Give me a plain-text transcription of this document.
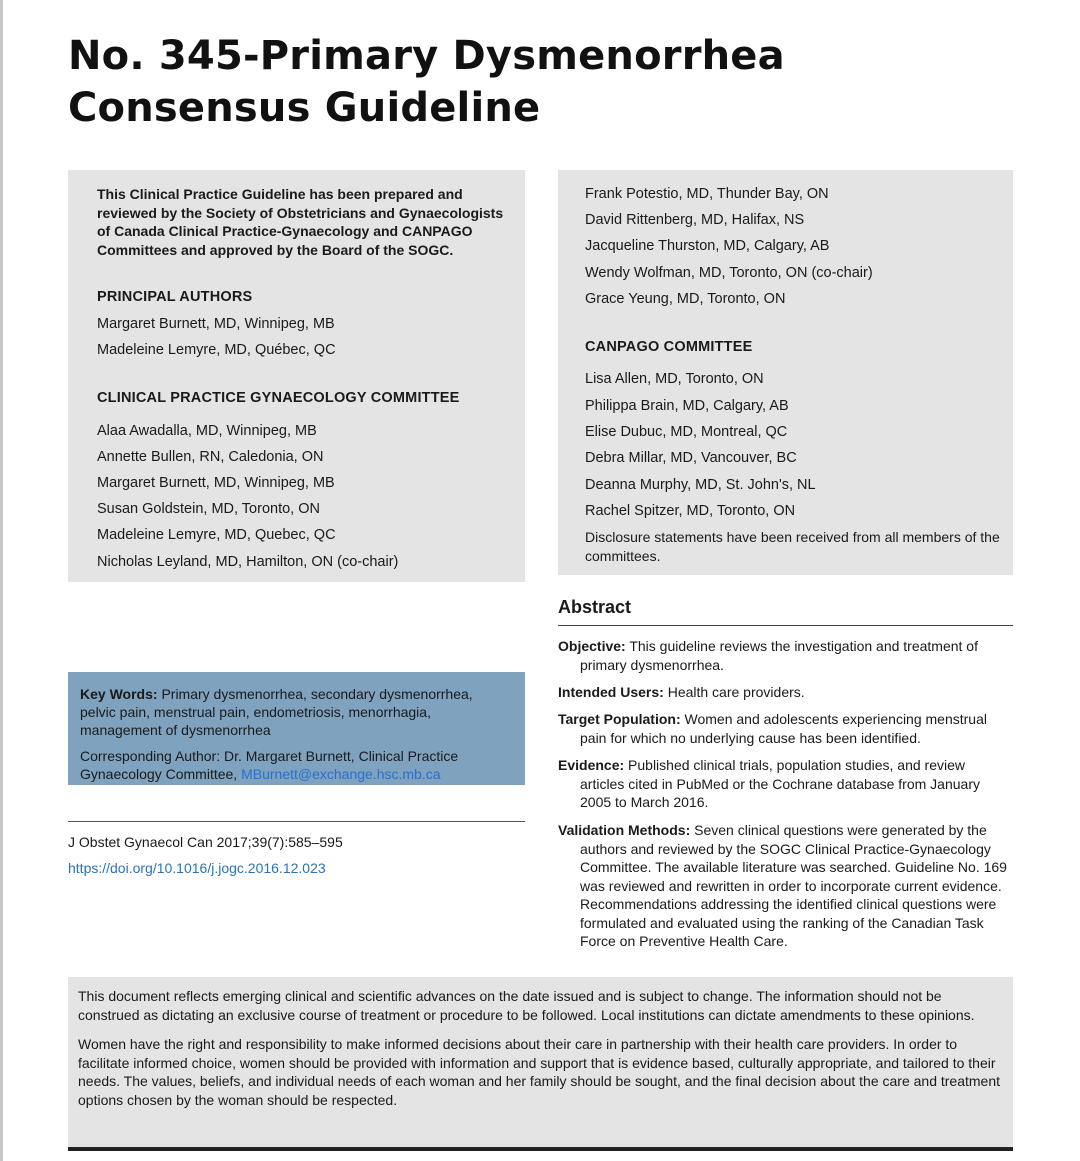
No. 345-Primary Dysmenorrhea Consensus Guideline
This Clinical Practice Guideline has been prepared and reviewed by the Society of Obstetricians and Gynaecologists of Canada Clinical Practice-Gynaecology and CANPAGO Committees and approved by the Board of the SOGC.
PRINCIPAL AUTHORS
Margaret Burnett, MD, Winnipeg, MB
Madeleine Lemyre, MD, Québec, QC
CLINICAL PRACTICE GYNAECOLOGY COMMITTEE
Alaa Awadalla, MD, Winnipeg, MB
Annette Bullen, RN, Caledonia, ON
Margaret Burnett, MD, Winnipeg, MB
Susan Goldstein, MD, Toronto, ON
Madeleine Lemyre, MD, Quebec, QC
Nicholas Leyland, MD, Hamilton, ON (co-chair)
Frank Potestio, MD, Thunder Bay, ON
David Rittenberg, MD, Halifax, NS
Jacqueline Thurston, MD, Calgary, AB
Wendy Wolfman, MD, Toronto, ON (co-chair)
Grace Yeung, MD, Toronto, ON
CANPAGO COMMITTEE
Lisa Allen, MD, Toronto, ON
Philippa Brain, MD, Calgary, AB
Elise Dubuc, MD, Montreal, QC
Debra Millar, MD, Vancouver, BC
Deanna Murphy, MD, St. John's, NL
Rachel Spitzer, MD, Toronto, ON
Disclosure statements have been received from all members of the committees.
Abstract
Objective: This guideline reviews the investigation and treatment of primary dysmenorrhea.
Intended Users: Health care providers.
Target Population: Women and adolescents experiencing menstrual pain for which no underlying cause has been identified.
Evidence: Published clinical trials, population studies, and review articles cited in PubMed or the Cochrane database from January 2005 to March 2016.
Validation Methods: Seven clinical questions were generated by the authors and reviewed by the SOGC Clinical Practice-Gynaecology Committee. The available literature was searched. Guideline No. 169 was reviewed and rewritten in order to incorporate current evidence. Recommendations addressing the identified clinical questions were formulated and evaluated using the ranking of the Canadian Task Force on Preventive Health Care.
Key Words: Primary dysmenorrhea, secondary dysmenorrhea, pelvic pain, menstrual pain, endometriosis, menorrhagia, management of dysmenorrhea
Corresponding Author: Dr. Margaret Burnett, Clinical Practice Gynaecology Committee, MBurnett@exchange.hsc.mb.ca
J Obstet Gynaecol Can 2017;39(7):585–595
https://doi.org/10.1016/j.jogc.2016.12.023
This document reflects emerging clinical and scientific advances on the date issued and is subject to change. The information should not be construed as dictating an exclusive course of treatment or procedure to be followed. Local institutions can dictate amendments to these opinions.
Women have the right and responsibility to make informed decisions about their care in partnership with their health care providers. In order to facilitate informed choice, women should be provided with information and support that is evidence based, culturally appropriate, and tailored to their needs. The values, beliefs, and individual needs of each woman and her family should be sought, and the final decision about the care and treatment options chosen by the woman should be respected.
